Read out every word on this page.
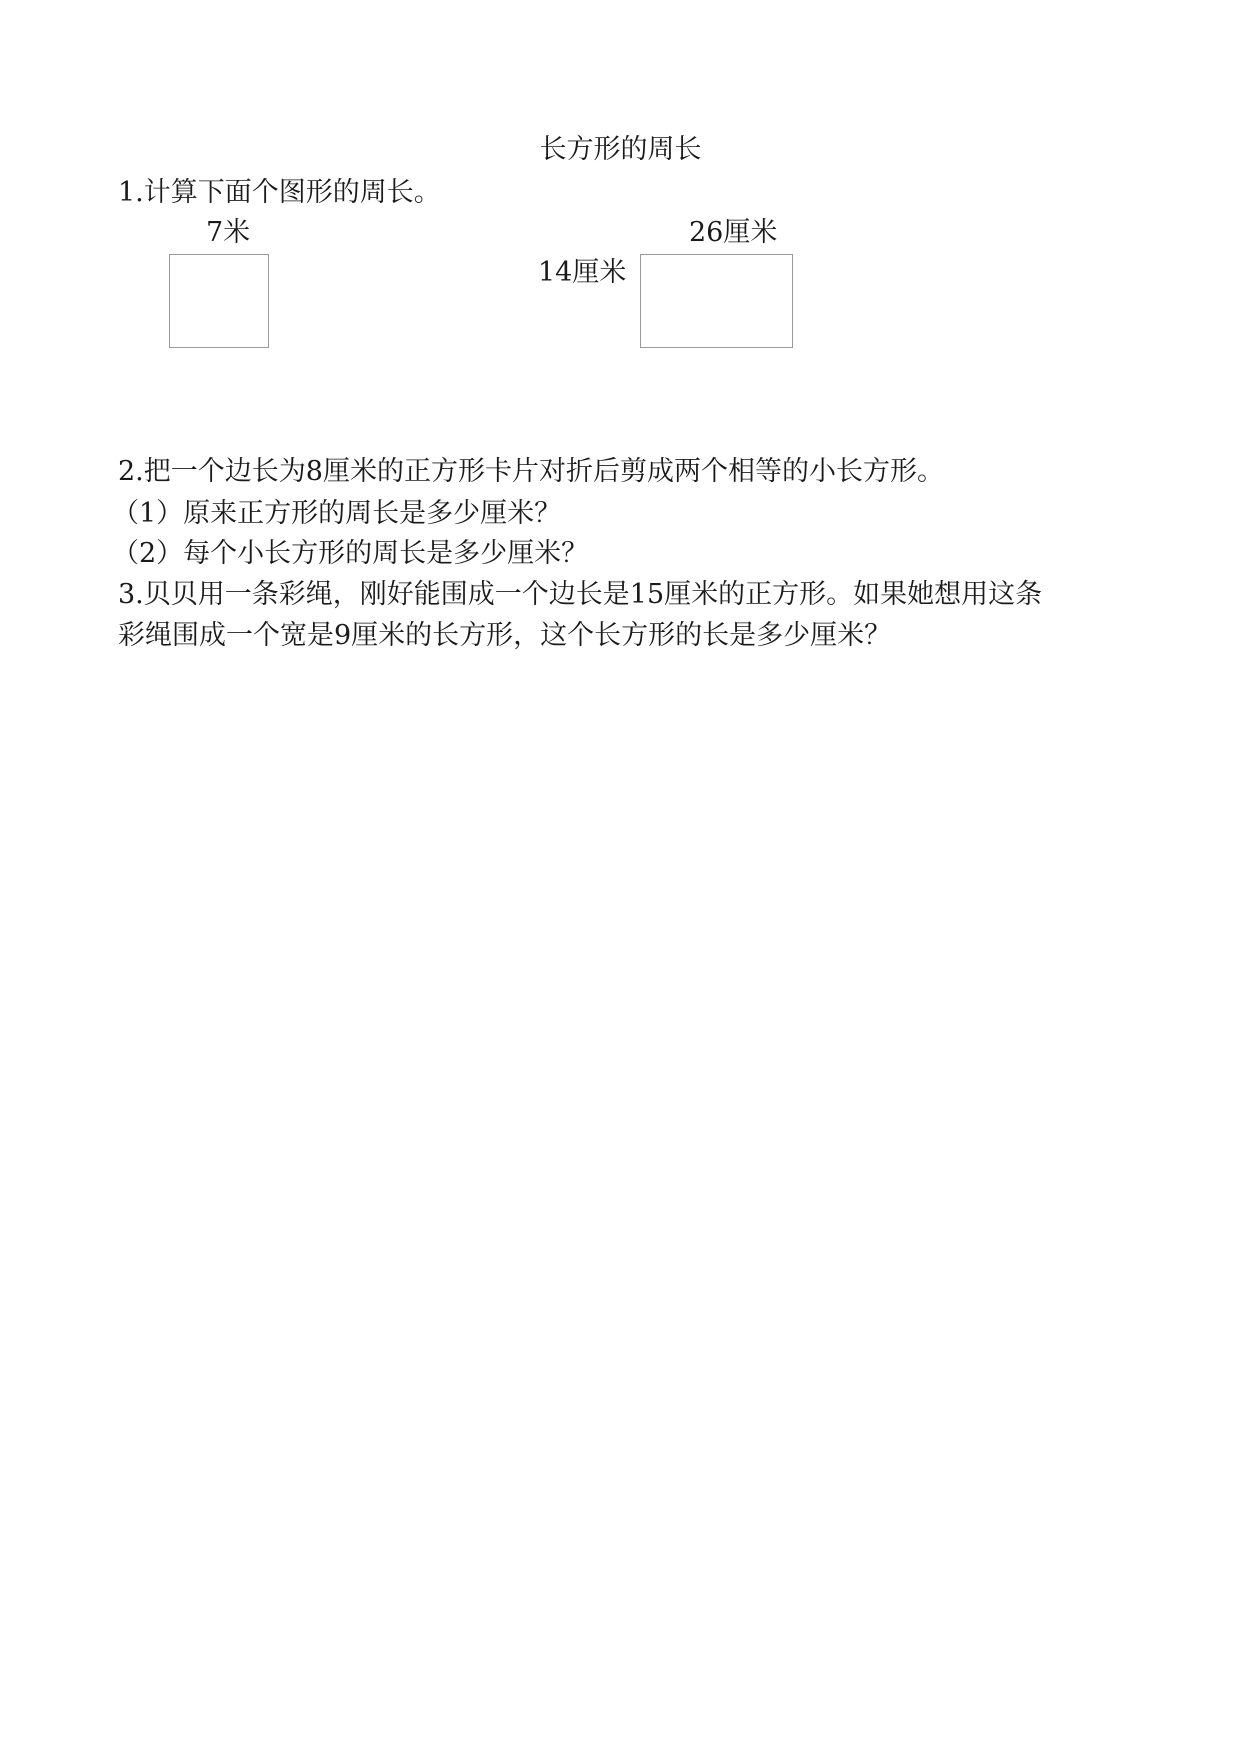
长方形的周长
1.计算下面个图形的周长。
7米	26厘米
14厘米
2.把一个边长为8厘米的正方形卡片对折后剪成两个相等的小长方形。
（1）原来正方形的周长是多少厘米？
（2）每个小长方形的周长是多少厘米？
3.贝贝用一条彩绳，刚好能围成一个边长是15厘米的正方形。如果她想用这条
彩绳围成一个宽是9厘米的长方形，这个长方形的长是多少厘米？
